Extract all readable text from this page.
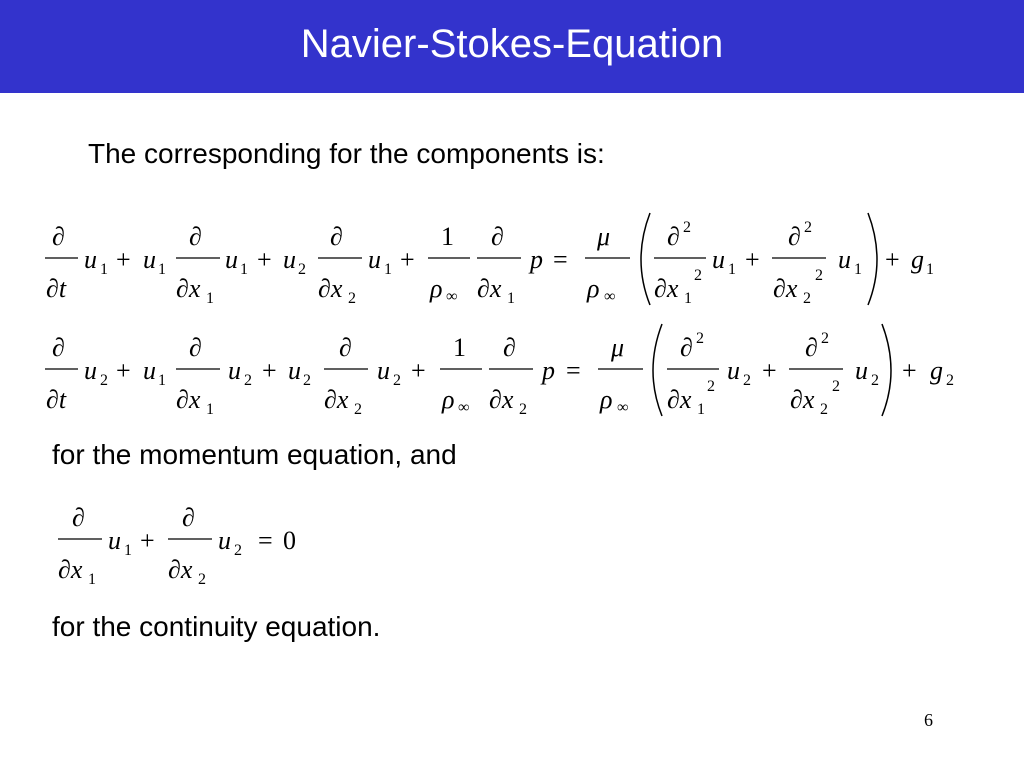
Navier-Stokes-Equation
The corresponding for the components is:
∂
∂t
u 1 + u 1
∂
∂x 1
u 1 + u 2
∂
∂x 2
u 1 +
1
ρ ∞
∂
∂x 1
p =
μ
ρ ∞
∂ 2
∂x 1
2
u 1 +
∂ 2
∂x 2
2
u 1 + g 1
∂
∂t
u 2 + u 1
∂
∂x 1
u 2 + u 2
∂
∂x 2
u 2 +
1
ρ ∞
∂
∂x 2
p =
μ
ρ ∞
∂ 2
∂x 1
2
u 2 +
∂ 2
∂x 2
2
u 2 + g 2
∂
∂x 1
u 1 +
∂
∂x 2
u 2 = 0
for the momentum equation, and
for the continuity equation.
6
